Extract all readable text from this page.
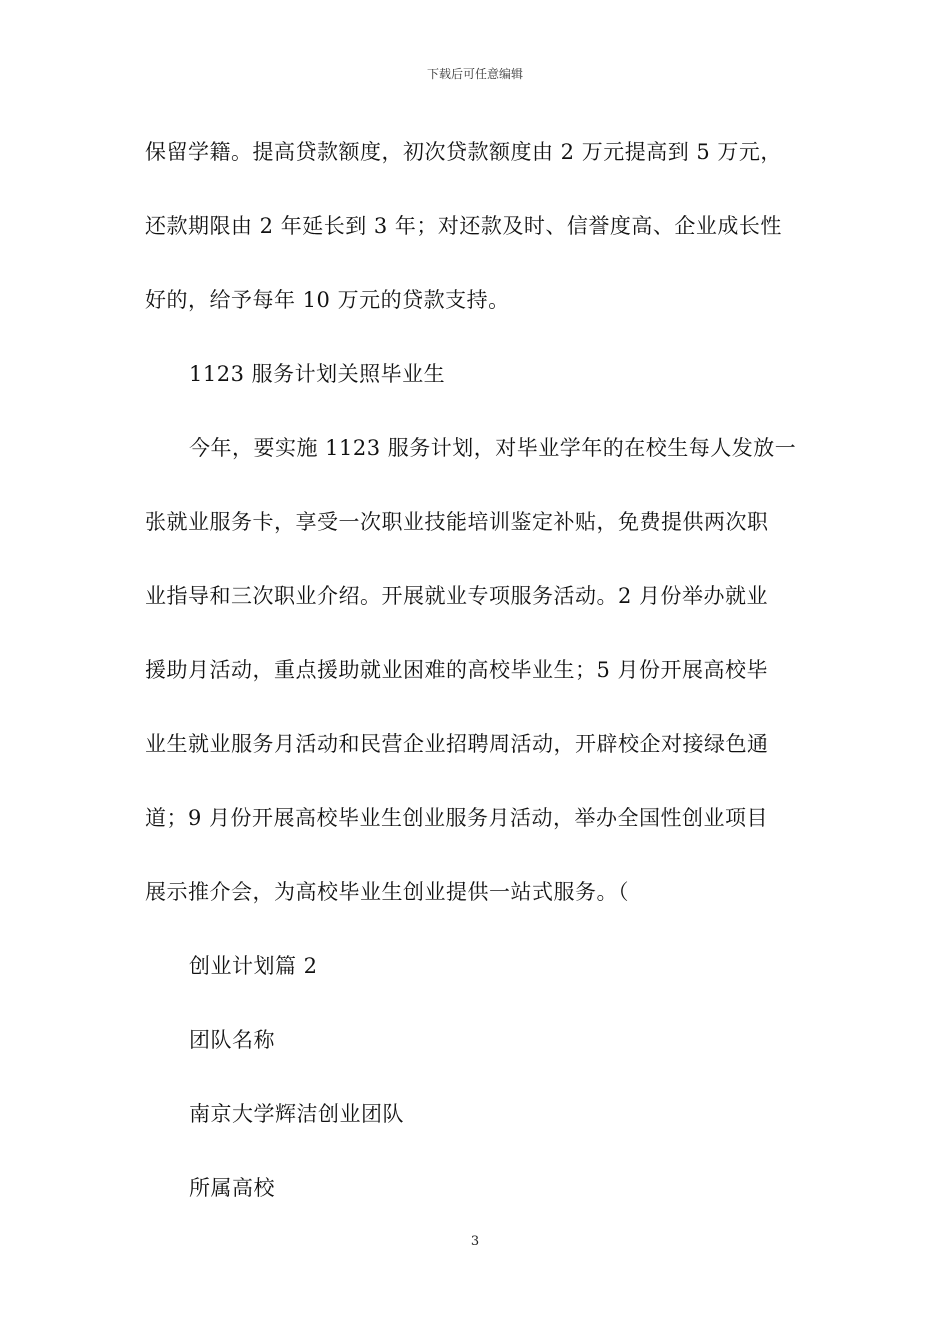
下载后可任意编辑
保留学籍。提高贷款额度，初次贷款额度由 2 万元提高到 5 万元，
还款期限由 2 年延长到 3 年；对还款及时、信誉度高、企业成长性
好的，给予每年 10 万元的贷款支持。
1123 服务计划关照毕业生
今年，要实施 1123 服务计划，对毕业学年的在校生每人发放一
张就业服务卡，享受一次职业技能培训鉴定补贴，免费提供两次职
业指导和三次职业介绍。开展就业专项服务活动。2 月份举办就业
援助月活动，重点援助就业困难的高校毕业生；5 月份开展高校毕
业生就业服务月活动和民营企业招聘周活动，开辟校企对接绿色通
道；9 月份开展高校毕业生创业服务月活动，举办全国性创业项目
展示推介会，为高校毕业生创业提供一站式服务。（
创业计划篇 2
团队名称
南京大学辉洁创业团队
所属高校
3
